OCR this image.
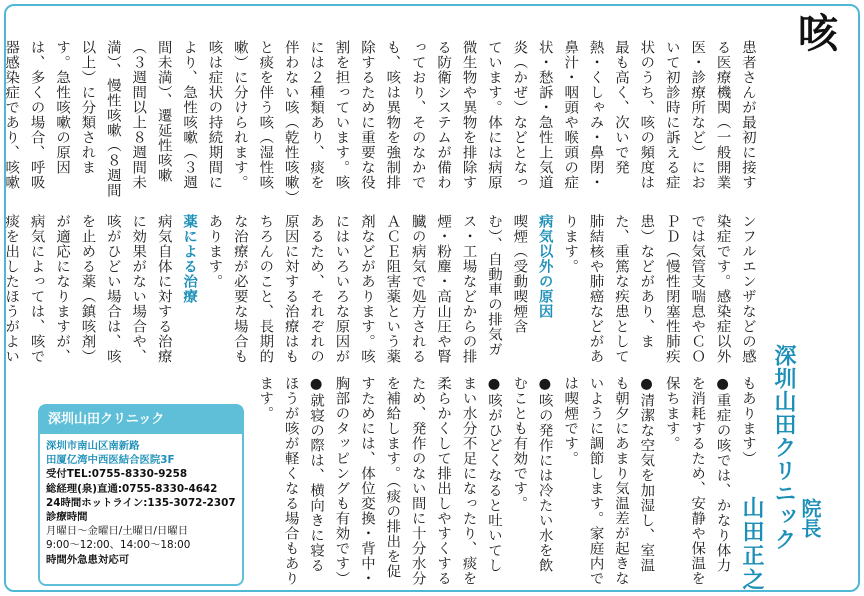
咳

患者さんが最初に接する医療機関（一般開業医・診療所など）において初診時に訴える症状のうち、咳の頻度は最も高く、次いで発熱・くしゃみ・鼻閉・鼻汁・咽頭や喉頭の症状・愁訴・急性上気道炎（かぜ）などとなっています。体には病原微生物や異物を排除する防衛システムが備わっており、そのなかでも、咳は異物を強制排除するために重要な役割を担っています。咳には２種類あり、痰を伴わない咳（乾性咳嗽）と痰を伴う咳（湿性咳嗽）に分けられます。

咳は症状の持続期間により、急性咳嗽（３週間未満）、遷延性咳嗽（３週間以上８週間未満）、慢性咳嗽（８週間以上）に分類されます。急性咳嗽の原因は、多くの場合、呼吸器感染症であり、咳嗽

ンフルエンザなどの感染症です。感染症以外では気管支喘息やＣＯＰＤ（慢性閉塞性肺疾患）などがあり、また、重篤な疾患として肺結核や肺癌などがあります。

病気以外の原因

喫煙（受動喫煙含む）、自動車の排気ガス・工場などからの排煙・粉塵・高山圧や腎臓の病気で処方されるＡＣＥ阻害薬という薬剤などがあります。咳にはいろいろな原因があるため、それぞれの原因に対する治療はもちろんのこと、長期的な治療が必要な場合もあります。

薬による治療

病気自体に対する治療に効果がない場合や、咳がひどい場合は、咳を止める薬（鎮咳剤）が適応になりますが、病気によっては、咳で痰を出したほうがよい

もあります）

●重症の咳では、かなり体力を消耗するため、安静や保温を保ちます。

●清潔な空気を加湿し、室温も朝夕にあまり気温差が起きないように調節します。家庭内では喫煙です。

●咳の発作には冷たい水を飲むことも有効です。

●咳がひどくなると吐いてしまい水分不足になったり、痰を柔らかくして排出しやすくするため、発作のない間に十分水分を補給します。（痰の排出を促すためには、体位変換・背中・胸部のタッピングも有効です）

●就寝の際は、横向きに寝るほうが咳が軽くなる場合もあります。	深圳山田クリニック 院長
山田正之
深圳山田クリニック
深圳市南山区南新路
田厦亿湾中西医結合医院3F
受付TEL:0755-8330-9258
総経理(泉)直通:0755-8330-4642
24時間ホットライン:135-3072-2307
診療時間
月曜日〜金曜日/土曜日/日曜日
9:00〜12:00、14:00〜18:00
時間外急患対応可
